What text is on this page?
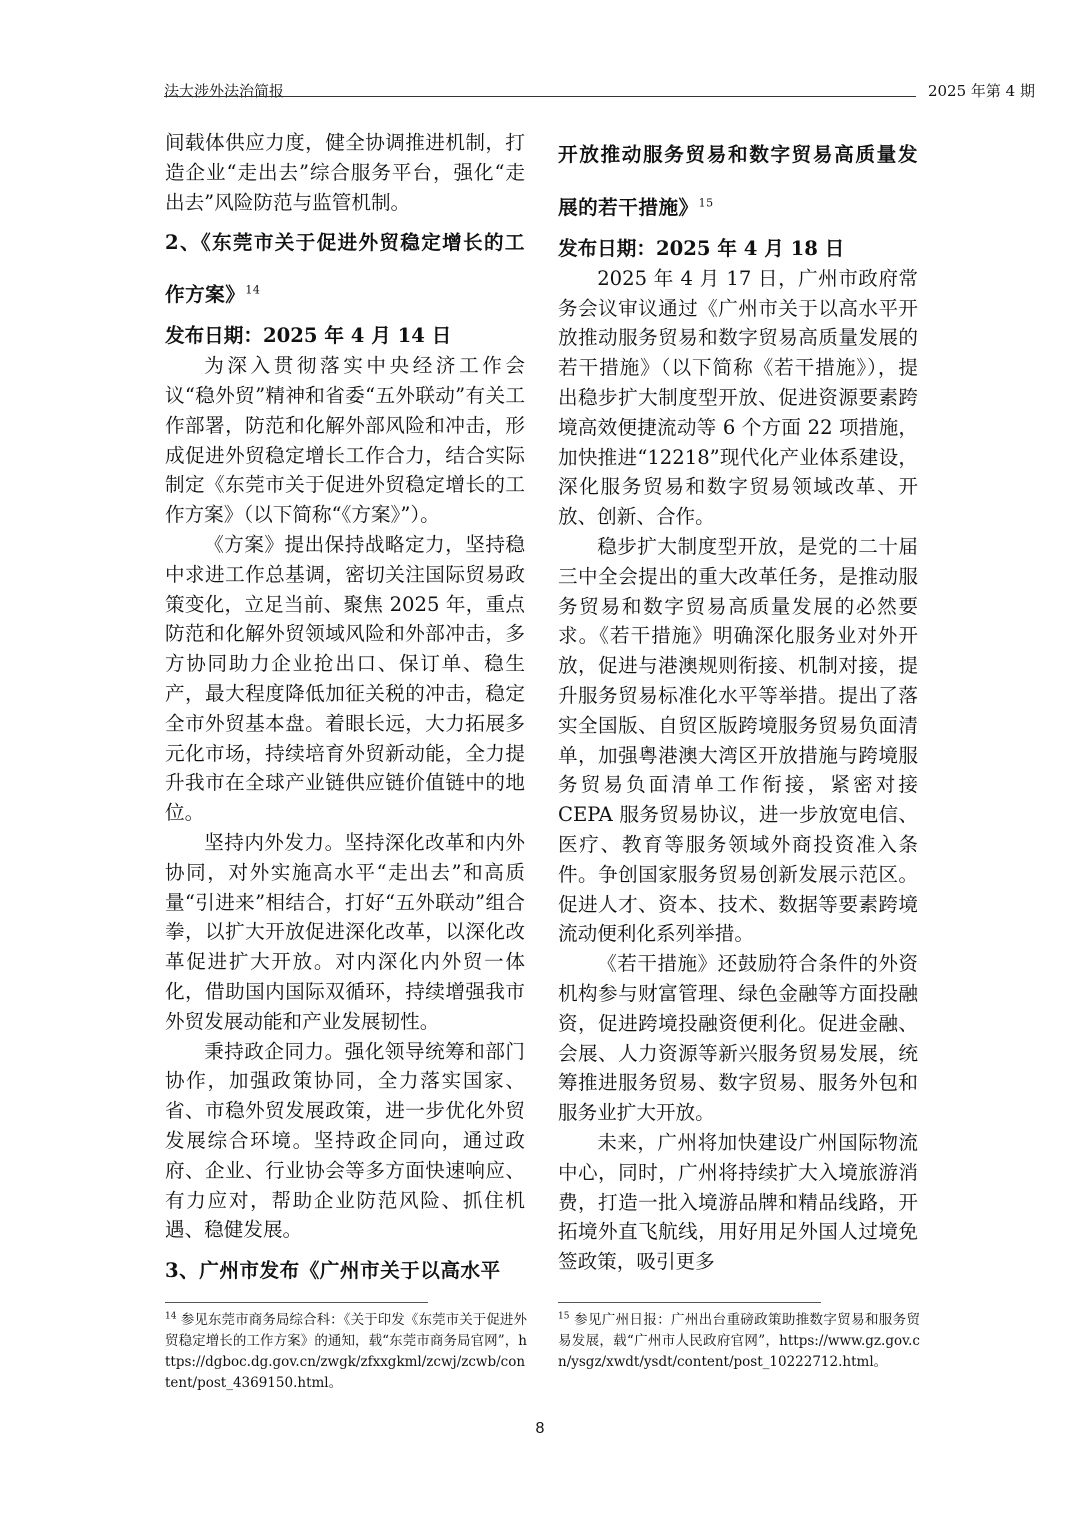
法大涉外法治简报	2025 年第 4 期

间载体供应力度，健全协调推进机制，打造企业“走出去”综合服务平台，强化“走出去”风险防范与监管机制。

2、《东莞市关于促进外贸稳定增长的工作方案》$^{14}$

发布日期：2025 年 4 月 14 日

为深入贯彻落实中央经济工作会议“稳外贸”精神和省委“五外联动”有关工作部署，防范和化解外部风险和冲击，形成促进外贸稳定增长工作合力，结合实际制定《东莞市关于促进外贸稳定增长的工作方案》（以下简称“《方案》”）。

《方案》提出保持战略定力，坚持稳中求进工作总基调，密切关注国际贸易政策变化，立足当前、聚焦 2025 年，重点防范和化解外贸领域风险和外部冲击，多方协同助力企业抢出口、保订单、稳生产，最大程度降低加征关税的冲击，稳定全市外贸基本盘。着眼长远，大力拓展多元化市场，持续培育外贸新动能，全力提升我市在全球产业链供应链价值链中的地位。

坚持内外发力。坚持深化改革和内外协同，对外实施高水平“走出去”和高质量“引进来”相结合，打好“五外联动”组合拳，以扩大开放促进深化改革，以深化改革促进扩大开放。对内深化内外贸一体化，借助国内国际双循环，持续增强我市外贸发展动能和产业发展韧性。

秉持政企同力。强化领导统筹和部门协作，加强政策协同，全力落实国家、省、市稳外贸发展政策，进一步优化外贸发展综合环境。坚持政企同向，通过政府、企业、行业协会等多方面快速响应、有力应对，帮助企业防范风险、抓住机遇、稳健发展。

3、广州市发布《广州市关于以高水平

开放推动服务贸易和数字贸易高质量发展的若干措施》$^{15}$

发布日期：2025 年 4 月 18 日

2025 年 4 月 17 日，广州市政府常务会议审议通过《广州市关于以高水平开放推动服务贸易和数字贸易高质量发展的若干措施》（以下简称《若干措施》），提出稳步扩大制度型开放、促进资源要素跨境高效便捷流动等 6 个方面 22 项措施，加快推进“12218”现代化产业体系建设，深化服务贸易和数字贸易领域改革、开放、创新、合作。

稳步扩大制度型开放，是党的二十届三中全会提出的重大改革任务，是推动服务贸易和数字贸易高质量发展的必然要求。《若干措施》明确深化服务业对外开放，促进与港澳规则衔接、机制对接，提升服务贸易标准化水平等举措。提出了落实全国版、自贸区版跨境服务贸易负面清单，加强粤港澳大湾区开放措施与跨境服务贸易负面清单工作衔接，紧密对接 CEPA 服务贸易协议，进一步放宽电信、医疗、教育等服务领域外商投资准入条件。争创国家服务贸易创新发展示范区。促进人才、资本、技术、数据等要素跨境流动便利化系列举措。

《若干措施》还鼓励符合条件的外资机构参与财富管理、绿色金融等方面投融资，促进跨境投融资便利化。促进金融、会展、人力资源等新兴服务贸易发展，统筹推进服务贸易、数字贸易、服务外包和服务业扩大开放。

未来，广州将加快建设广州国际物流中心，同时，广州将持续扩大入境旅游消费，打造一批入境游品牌和精品线路，开拓境外直飞航线，用好用足外国人过境免签政策，吸引更多

$^{14}$ 参见东莞市商务局综合科：《关于印发《东莞市关于促进外贸稳定增长的工作方案》的通知，载“东莞市商务局官网”，https://dgboc.dg.gov.cn/zwgk/zfxxgkml/zcwj/zcwb/content/post_4369150.html。
$^{15}$ 参见广州日报：广州出台重磅政策助推数字贸易和服务贸易发展，载“广州市人民政府官网”，https://www.gz.gov.cn/ysgz/xwdt/ysdt/content/post_10222712.html。
8
